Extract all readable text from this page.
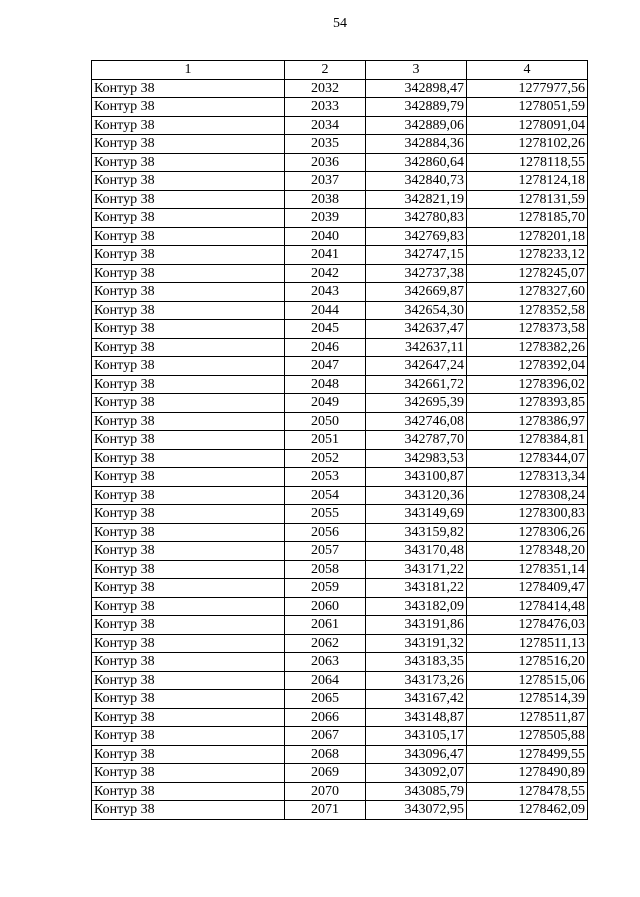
54
1	2	3	4
Контур 38	2032	342898,47	1277977,56
Контур 38	2033	342889,79	1278051,59
Контур 38	2034	342889,06	1278091,04
Контур 38	2035	342884,36	1278102,26
Контур 38	2036	342860,64	1278118,55
Контур 38	2037	342840,73	1278124,18
Контур 38	2038	342821,19	1278131,59
Контур 38	2039	342780,83	1278185,70
Контур 38	2040	342769,83	1278201,18
Контур 38	2041	342747,15	1278233,12
Контур 38	2042	342737,38	1278245,07
Контур 38	2043	342669,87	1278327,60
Контур 38	2044	342654,30	1278352,58
Контур 38	2045	342637,47	1278373,58
Контур 38	2046	342637,11	1278382,26
Контур 38	2047	342647,24	1278392,04
Контур 38	2048	342661,72	1278396,02
Контур 38	2049	342695,39	1278393,85
Контур 38	2050	342746,08	1278386,97
Контур 38	2051	342787,70	1278384,81
Контур 38	2052	342983,53	1278344,07
Контур 38	2053	343100,87	1278313,34
Контур 38	2054	343120,36	1278308,24
Контур 38	2055	343149,69	1278300,83
Контур 38	2056	343159,82	1278306,26
Контур 38	2057	343170,48	1278348,20
Контур 38	2058	343171,22	1278351,14
Контур 38	2059	343181,22	1278409,47
Контур 38	2060	343182,09	1278414,48
Контур 38	2061	343191,86	1278476,03
Контур 38	2062	343191,32	1278511,13
Контур 38	2063	343183,35	1278516,20
Контур 38	2064	343173,26	1278515,06
Контур 38	2065	343167,42	1278514,39
Контур 38	2066	343148,87	1278511,87
Контур 38	2067	343105,17	1278505,88
Контур 38	2068	343096,47	1278499,55
Контур 38	2069	343092,07	1278490,89
Контур 38	2070	343085,79	1278478,55
Контур 38	2071	343072,95	1278462,09
